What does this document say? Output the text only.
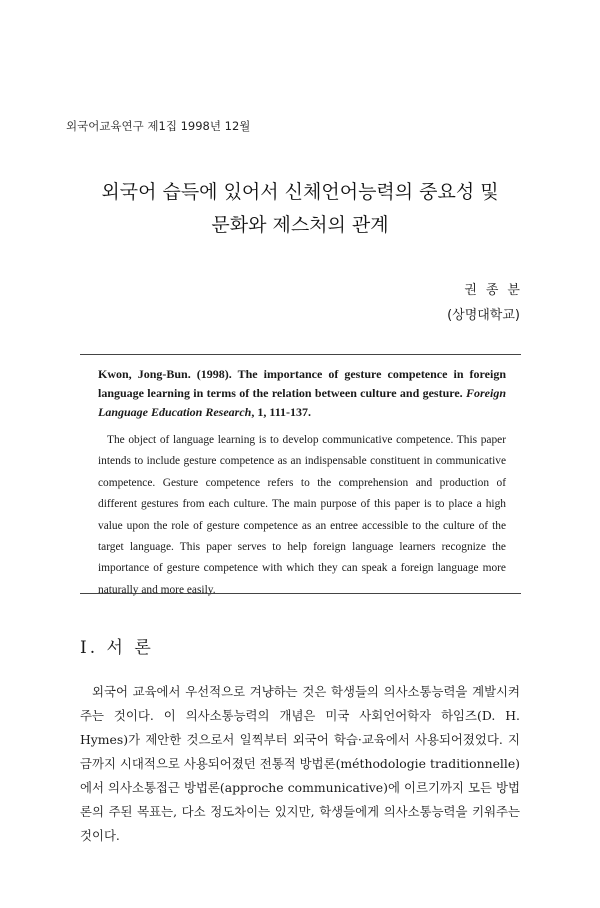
외국어교육연구 제1집 1998년 12월
외국어 습득에 있어서 신체언어능력의 중요성 및
문화와 제스처의 관계
권종분
(상명대학교)
Kwon, Jong-Bun. (1998). The importance of gesture competence in foreign language learning in terms of the relation between culture and gesture. Foreign Language Education Research, 1, 111-137.

The object of language learning is to develop communicative competence. This paper intends to include gesture competence as an indispensable constituent in communicative competence. Gesture competence refers to the comprehension and production of different gestures from each culture. The main purpose of this paper is to place a high value upon the role of gesture competence as an entree accessible to the culture of the target language. This paper serves to help foreign language learners recognize the importance of gesture competence with which they can speak a foreign language more naturally and more easily.

Ⅰ. 서 론

외국어 교육에서 우선적으로 겨냥하는 것은 학생들의 의사소통능력을 계발시켜주는 것이다. 이 의사소통능력의 개념은 미국 사회언어학자 하임즈(D. H. Hymes)가 제안한 것으로서 일찍부터 외국어 학습·교육에서 사용되어졌었다. 지금까지 시대적으로 사용되어졌던 전통적 방법론(méthodologie traditionnelle)에서 의사소통접근 방법론(approche communicative)에 이르기까지 모든 방법론의 주된 목표는, 다소 정도차이는 있지만, 학생들에게 의사소통능력을 키워주는 것이다.
